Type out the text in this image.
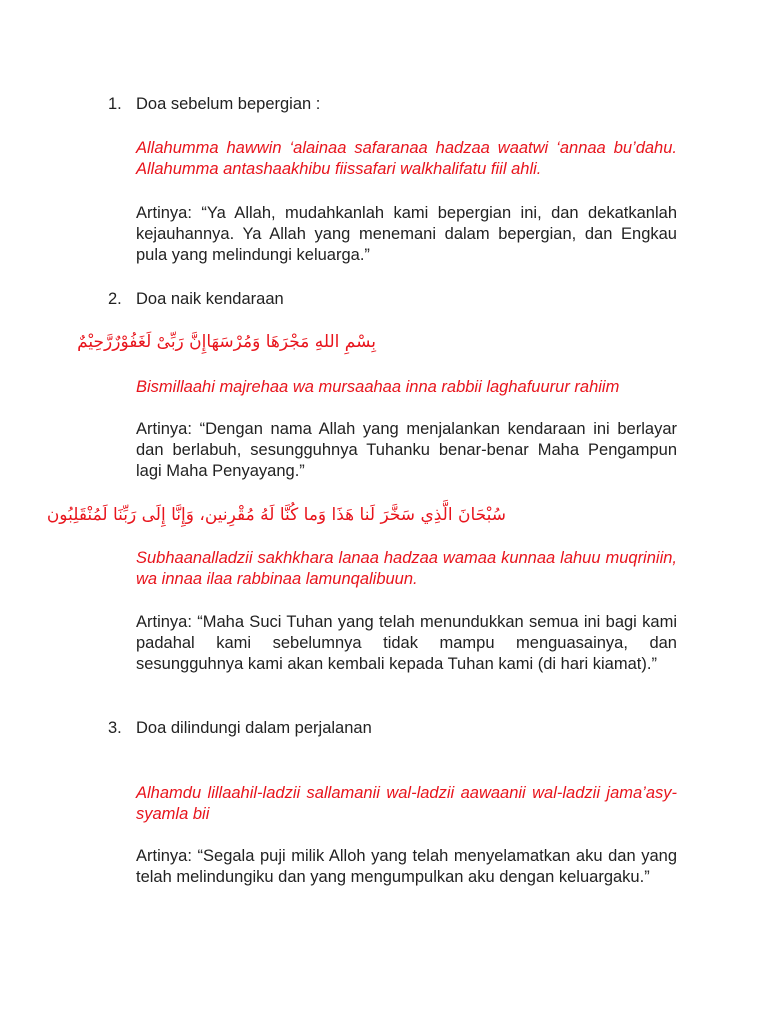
1. Doa sebelum bepergian :
Allahumma hawwin ‘alainaa safaranaa hadzaa waatwi ‘annaa bu’dahu. Allahumma antashaakhibu fiissafari walkhalifatu fiil ahli.
Artinya: “Ya Allah, mudahkanlah kami bepergian ini, dan dekatkanlah kejauhannya. Ya Allah yang menemani dalam bepergian, dan Engkau pula yang melindungi keluarga.”
2. Doa naik kendaraan
بِسْمِ اللهِ مَجْرَهَا وَمُرْسَهَاإِنَّ رَبِّىْ لَغَفُوْرٌرَّحِيْمٌ
Bismillaahi majrehaa wa mursaahaa inna rabbii laghafuurur rahiim
Artinya: “Dengan nama Allah yang menjalankan kendaraan ini berlayar dan berlabuh, sesungguhnya Tuhanku benar-benar Maha Pengampun lagi Maha Penyayang.”
سُبْحَانَ الَّذِي سَخَّرَ لَنا هَذَا وَما كُنَّا لَهُ مُقْرِنين، وَإِنَّا إِلَى رَبِّنَا لَمُنْقَلِبُون
Subhaanalladzii sakhkhara lanaa hadzaa wamaa kunnaa lahuu muqriniin, wa innaa ilaa rabbinaa lamunqalibuun.
Artinya: “Maha Suci Tuhan yang telah menundukkan semua ini bagi kami padahal kami sebelumnya tidak mampu menguasainya, dan sesungguhnya kami akan kembali kepada Tuhan kami (di hari kiamat).”
3. Doa dilindungi dalam perjalanan
Alhamdu lillaahil-ladzii sallamanii wal-ladzii aawaanii wal-ladzii jama’asy-syamla bii
Artinya: “Segala puji milik Alloh yang telah menyelamatkan aku dan yang telah melindungiku dan yang mengumpulkan aku dengan keluargaku.”
